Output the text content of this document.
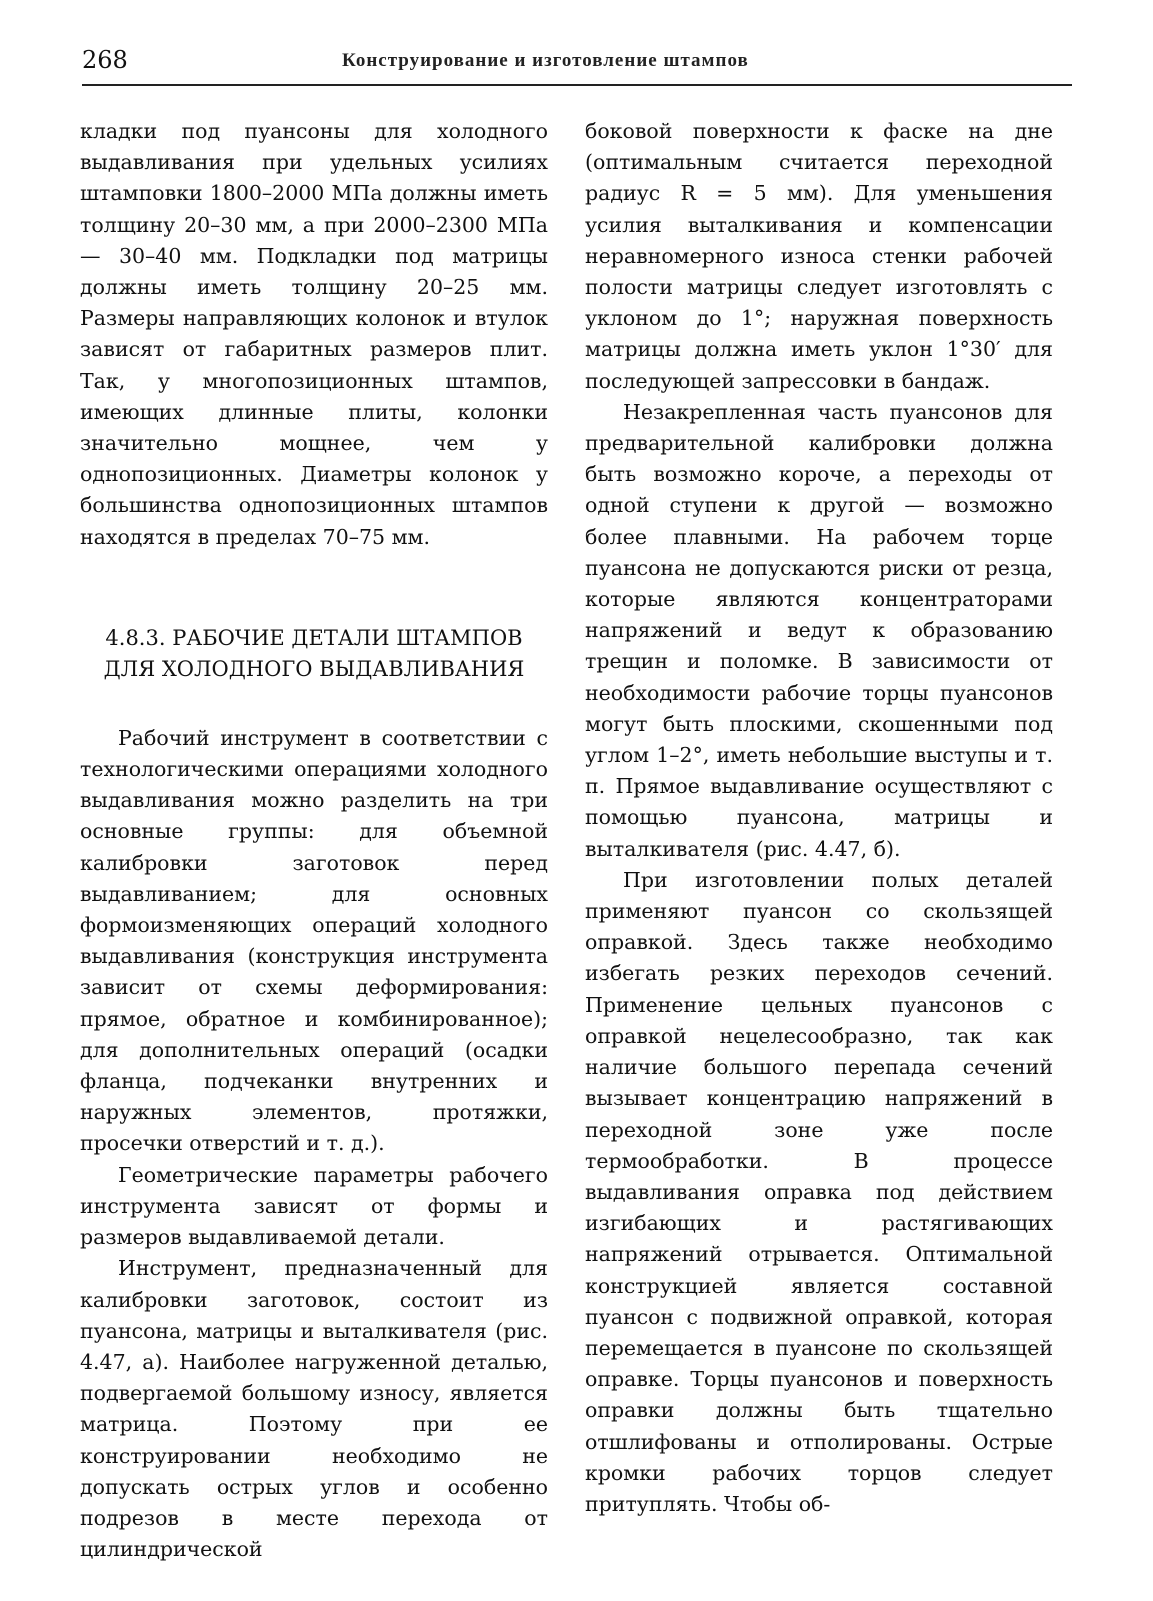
268	Конструирование и изготовление штампов

кладки под пуансоны для холодного выдавливания при удельных усилиях штамповки 1800–2000 МПа должны иметь толщину 20–30 мм, а при 2000–2300 МПа — 30–40 мм. Подкладки под матрицы должны иметь толщину 20–25 мм. Размеры направляющих колонок и втулок зависят от габаритных размеров плит. Так, у многопозиционных штампов, имеющих длинные плиты, колонки значительно мощнее, чем у однопозиционных. Диаметры колонок у большинства однопозиционных штампов находятся в пределах 70–75 мм.

4.8.3. РАБОЧИЕ ДЕТАЛИ ШТАМПОВ
ДЛЯ ХОЛОДНОГО ВЫДАВЛИВАНИЯ

Рабочий инструмент в соответствии с технологическими операциями холодного выдавливания можно разделить на три основные группы: для объемной калибровки заготовок перед выдавливанием; для основных формоизменяющих операций холодного выдавливания (конструкция инструмента зависит от схемы деформирования: прямое, обратное и комбинированное); для дополнительных операций (осадки фланца, подчеканки внутренних и наружных элементов, протяжки, просечки отверстий и т. д.).

Геометрические параметры рабочего инструмента зависят от формы и размеров выдавливаемой детали.

Инструмент, предназначенный для калибровки заготовок, состоит из пуансона, матрицы и выталкивателя (рис. 4.47, а). Наиболее нагруженной деталью, подвергаемой большому износу, является матрица. Поэтому при ее конструировании необходимо не допускать острых углов и особенно подрезов в месте перехода от цилиндрической

боковой поверхности к фаске на дне (оптимальным считается переходной радиус R = 5 мм). Для уменьшения усилия выталкивания и компенсации неравномерного износа стенки рабочей полости матрицы следует изготовлять с уклоном до 1°; наружная поверхность матрицы должна иметь уклон 1°30′ для последующей запрессовки в бандаж.

Незакрепленная часть пуансонов для предварительной калибровки должна быть возможно короче, а переходы от одной ступени к другой — возможно более плавными. На рабочем торце пуансона не допускаются риски от резца, которые являются концентраторами напряжений и ведут к образованию трещин и поломке. В зависимости от необходимости рабочие торцы пуансонов могут быть плоскими, скошенными под углом 1–2°, иметь небольшие выступы и т. п. Прямое выдавливание осуществляют с помощью пуансона, матрицы и выталкивателя (рис. 4.47, б).

При изготовлении полых деталей применяют пуансон со скользящей оправкой. Здесь также необходимо избегать резких переходов сечений. Применение цельных пуансонов с оправкой нецелесообразно, так как наличие большого перепада сечений вызывает концентрацию напряжений в переходной зоне уже после термообработки. В процессе выдавливания оправка под действием изгибающих и растягивающих напряжений отрывается. Оптимальной конструкцией является составной пуансон с подвижной оправкой, которая перемещается в пуансоне по скользящей оправке. Торцы пуансонов и поверхность оправки должны быть тщательно отшлифованы и отполированы. Острые кромки рабочих торцов следует притуплять. Чтобы об-
